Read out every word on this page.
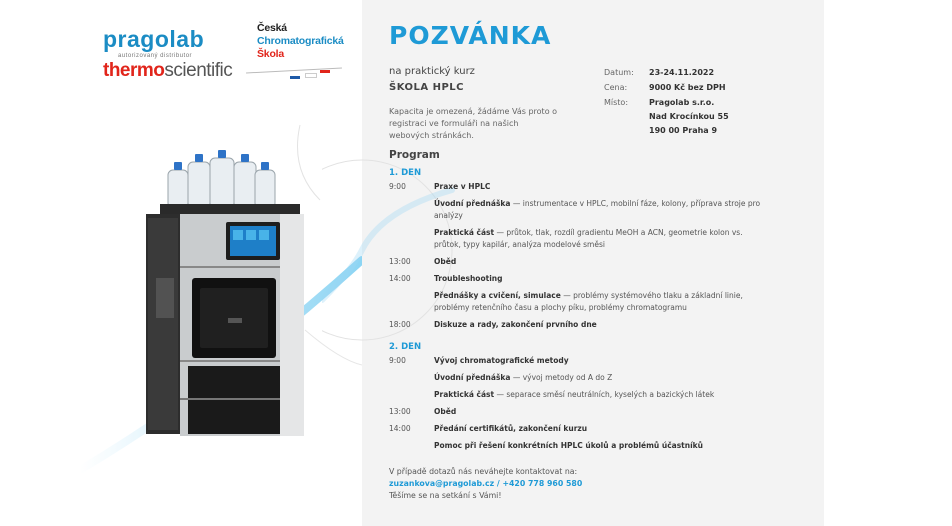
pragolab
autorizovaný distributor
thermoscientific
Česká
Chromatografická
Škola
POZVÁNKA
na praktický kurz
ŠKOLA HPLC
Kapacita je omezená, žádáme Vás proto o registraci ve formuláři na našich webových stránkách.
Datum:	23-24.11.2022
Cena:	9000 Kč bez DPH
Místo:	Pragolab s.r.o.
Nad Krocínkou 55
190 00 Praha 9
Program
1. DEN
9:00	Praxe v HPLC
Úvodní přednáška — instrumentace v HPLC, mobilní fáze, kolony, příprava stroje pro analýzy
Praktická část — průtok, tlak, rozdíl gradientu MeOH a ACN, geometrie kolon vs. průtok, typy kapilár, analýza modelové směsi
13:00	Oběd
14:00	Troubleshooting
Přednášky a cvičení, simulace — problémy systémového tlaku a základní linie, problémy retenčního času a plochy píku, problémy chromatogramu
18:00	Diskuze a rady, zakončení prvního dne
2. DEN
9:00	Vývoj chromatografické metody
Úvodní přednáška — vývoj metody od A do Z
Praktická část — separace směsí neutrálních, kyselých a bazických látek
13:00	Oběd
14:00	Předání certifikátů, zakončení kurzu
Pomoc při řešení konkrétních HPLC úkolů a problémů účastníků
V případě dotazů nás neváhejte kontaktovat na:
zuzankova@pragolab.cz / +420 778 960 580
Těšíme se na setkání s Vámi!
